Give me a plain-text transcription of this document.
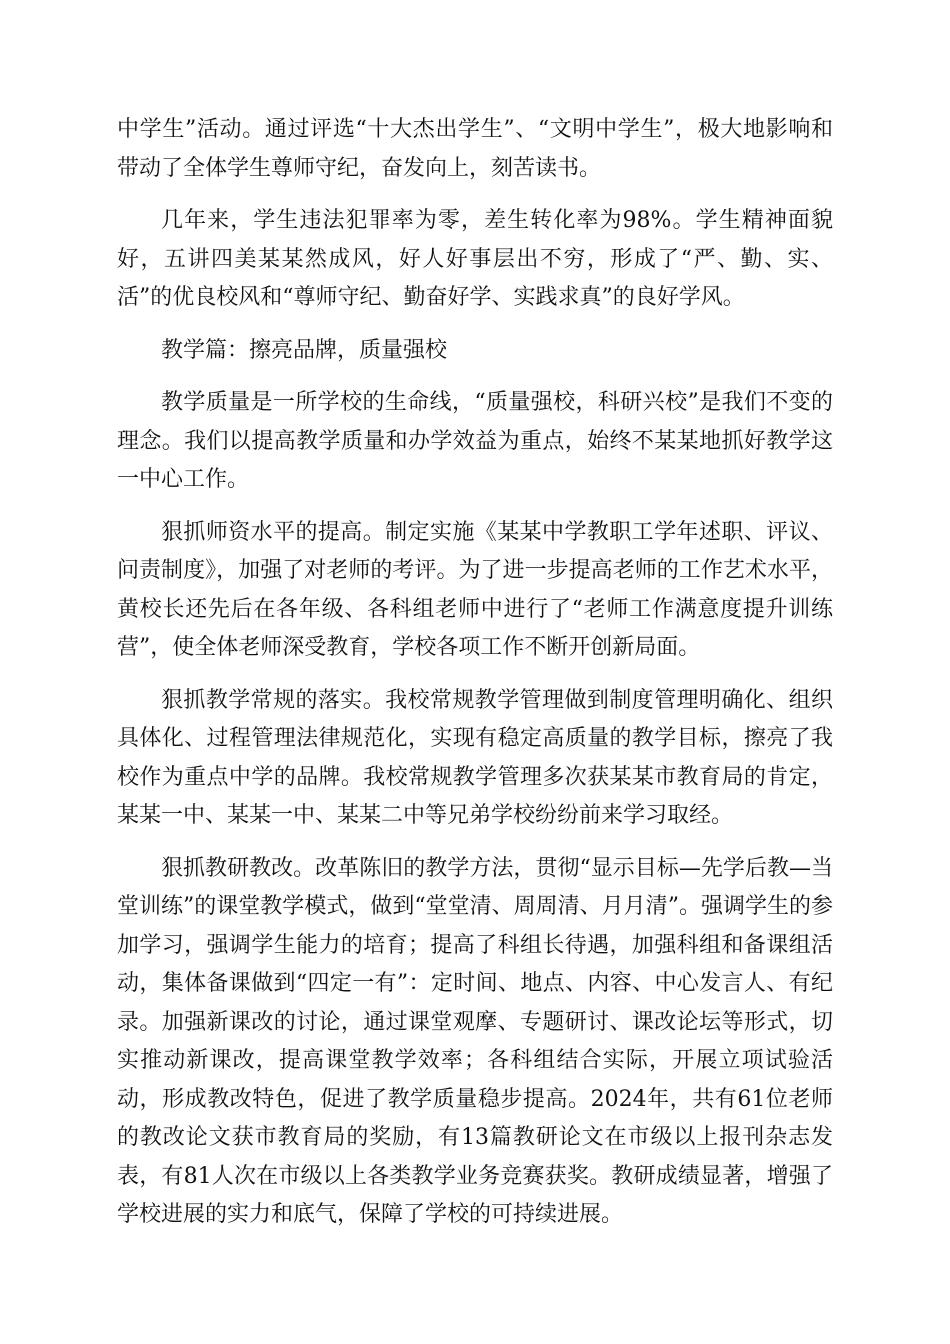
中学生”活动。通过评选“十大杰出学生”、“文明中学生”，极大地影响和带动了全体学生尊师守纪，奋发向上，刻苦读书。

几年来，学生违法犯罪率为零，差生转化率为98%。学生精神面貌好，五讲四美某某然成风，好人好事层出不穷，形成了“严、勤、实、活”的优良校风和“尊师守纪、勤奋好学、实践求真”的良好学风。

教学篇：擦亮品牌，质量强校

教学质量是一所学校的生命线，“质量强校，科研兴校”是我们不变的理念。我们以提高教学质量和办学效益为重点，始终不某某地抓好教学这一中心工作。

狠抓师资水平的提高。制定实施《某某中学教职工学年述职、评议、问责制度》，加强了对老师的考评。为了进一步提高老师的工作艺术水平，黄校长还先后在各年级、各科组老师中进行了“老师工作满意度提升训练营”，使全体老师深受教育，学校各项工作不断开创新局面。

狠抓教学常规的落实。我校常规教学管理做到制度管理明确化、组织具体化、过程管理法律规范化，实现有稳定高质量的教学目标，擦亮了我校作为重点中学的品牌。我校常规教学管理多次获某某市教育局的肯定，某某一中、某某一中、某某二中等兄弟学校纷纷前来学习取经。

狠抓教研教改。改革陈旧的教学方法，贯彻“显示目标—先学后教—当堂训练”的课堂教学模式，做到“堂堂清、周周清、月月清”。强调学生的参加学习，强调学生能力的培育；提高了科组长待遇，加强科组和备课组活动，集体备课做到“四定一有”：定时间、地点、内容、中心发言人、有纪录。加强新课改的讨论，通过课堂观摩、专题研讨、课改论坛等形式，切实推动新课改，提高课堂教学效率；各科组结合实际，开展立项试验活动，形成教改特色，促进了教学质量稳步提高。2024年，共有61位老师的教改论文获市教育局的奖励，有13篇教研论文在市级以上报刊杂志发表，有81人次在市级以上各类教学业务竞赛获奖。教研成绩显著，增强了学校进展的实力和底气，保障了学校的可持续进展。
